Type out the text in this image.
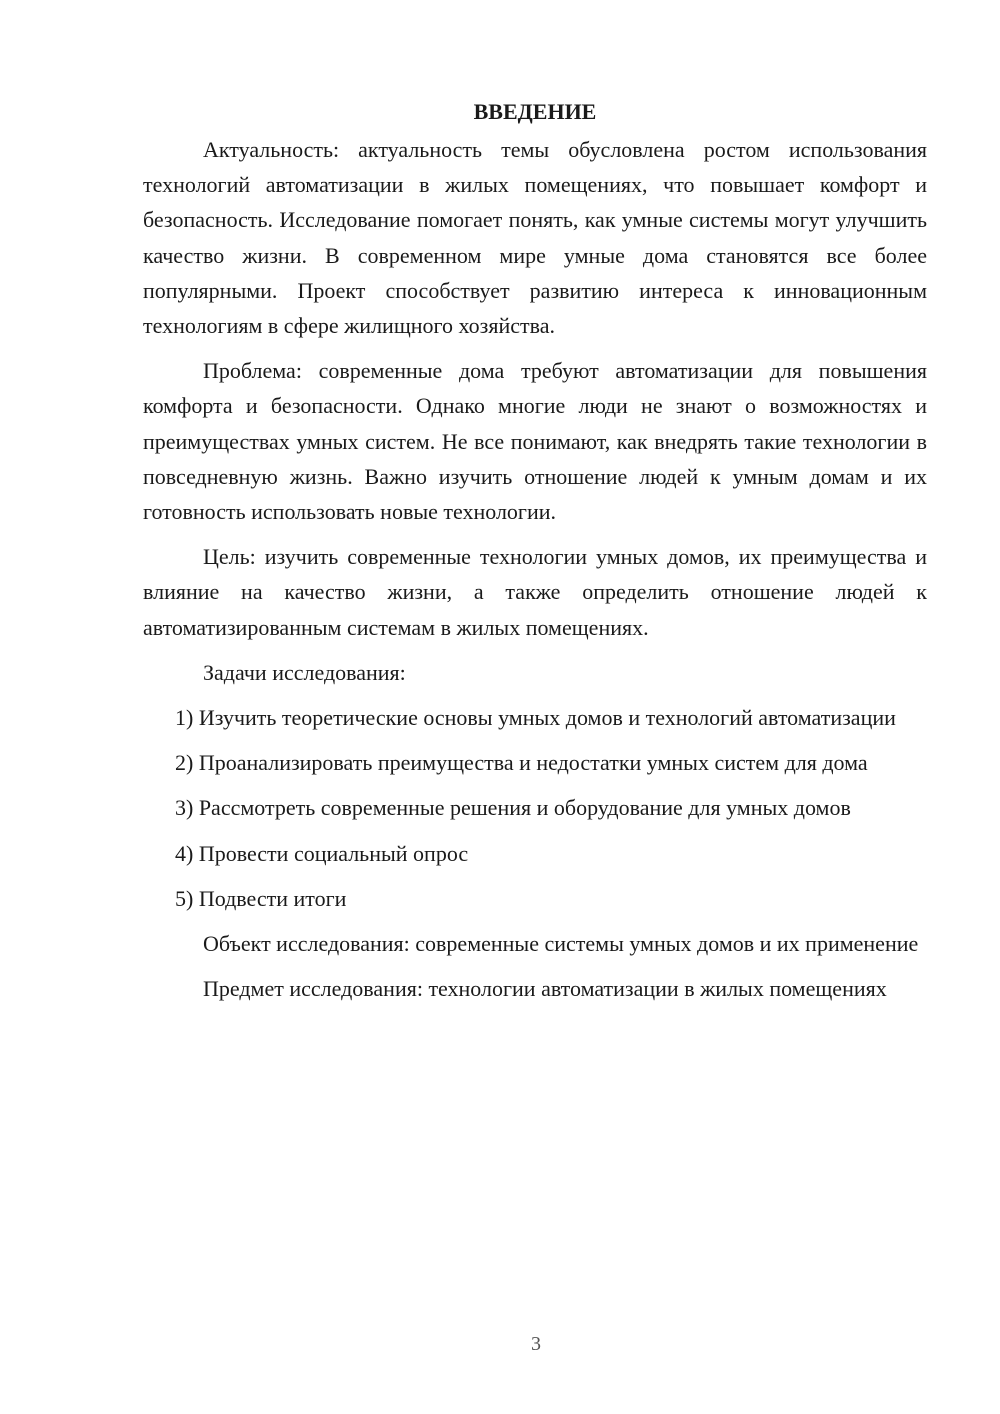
ВВЕДЕНИЕ

Актуальность: актуальность темы обусловлена ростом использования технологий автоматизации в жилых помещениях, что повышает комфорт и безопасность. Исследование помогает понять, как умные системы могут улучшить качество жизни. В современном мире умные дома становятся все более популярными. Проект способствует развитию интереса к инновационным технологиям в сфере жилищного хозяйства.

Проблема: современные дома требуют автоматизации для повышения комфорта и безопасности. Однако многие люди не знают о возможностях и преимуществах умных систем. Не все понимают, как внедрять такие технологии в повседневную жизнь. Важно изучить отношение людей к умным домам и их готовность использовать новые технологии.

Цель: изучить современные технологии умных домов, их преимущества и влияние на качество жизни, а также определить отношение людей к автоматизированным системам в жилых помещениях.

Задачи исследования:

1) Изучить теоретические основы умных домов и технологий автоматизации

2) Проанализировать преимущества и недостатки умных систем для дома

3) Рассмотреть современные решения и оборудование для умных домов

4) Провести социальный опрос

5) Подвести итоги

Объект исследования: современные системы умных домов и их применение

Предмет исследования: технологии автоматизации в жилых помещениях

3
